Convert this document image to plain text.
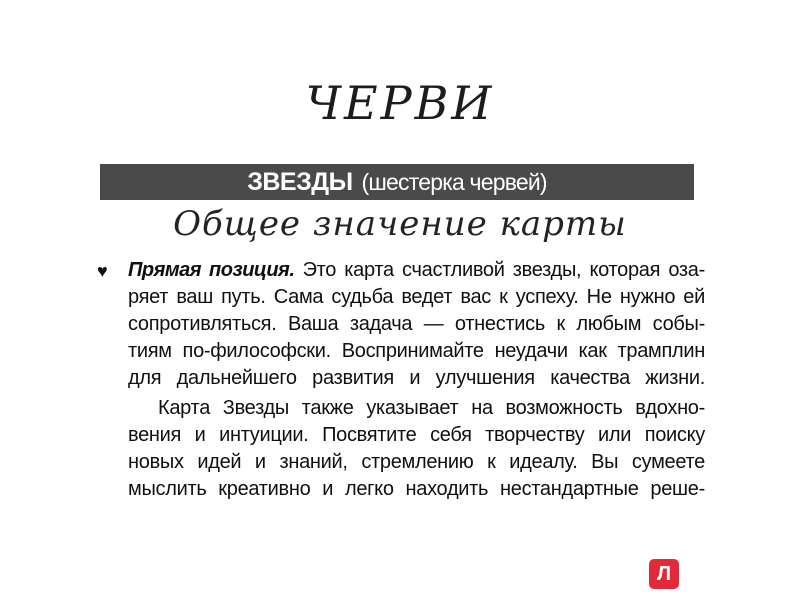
ЧЕРВИ
ЗВЕЗДЫ (шестерка червей)
Общее значение карты
♥ Прямая позиция. Это карта счастливой звезды, которая оза-
ряет ваш путь. Сама судьба ведет вас к успеху. Не нужно ей
сопротивляться. Ваша задача — отнестись к любым собы-
тиям по-философски. Воспринимайте неудачи как трамплин
для дальнейшего развития и улучшения качества жизни.
Карта Звезды также указывает на возможность вдохно-
вения и интуиции. Посвятите себя творчеству или поиску
новых идей и знаний, стремлению к идеалу. Вы сумеете
мыслить креативно и легко находить нестандартные реше-
Л
